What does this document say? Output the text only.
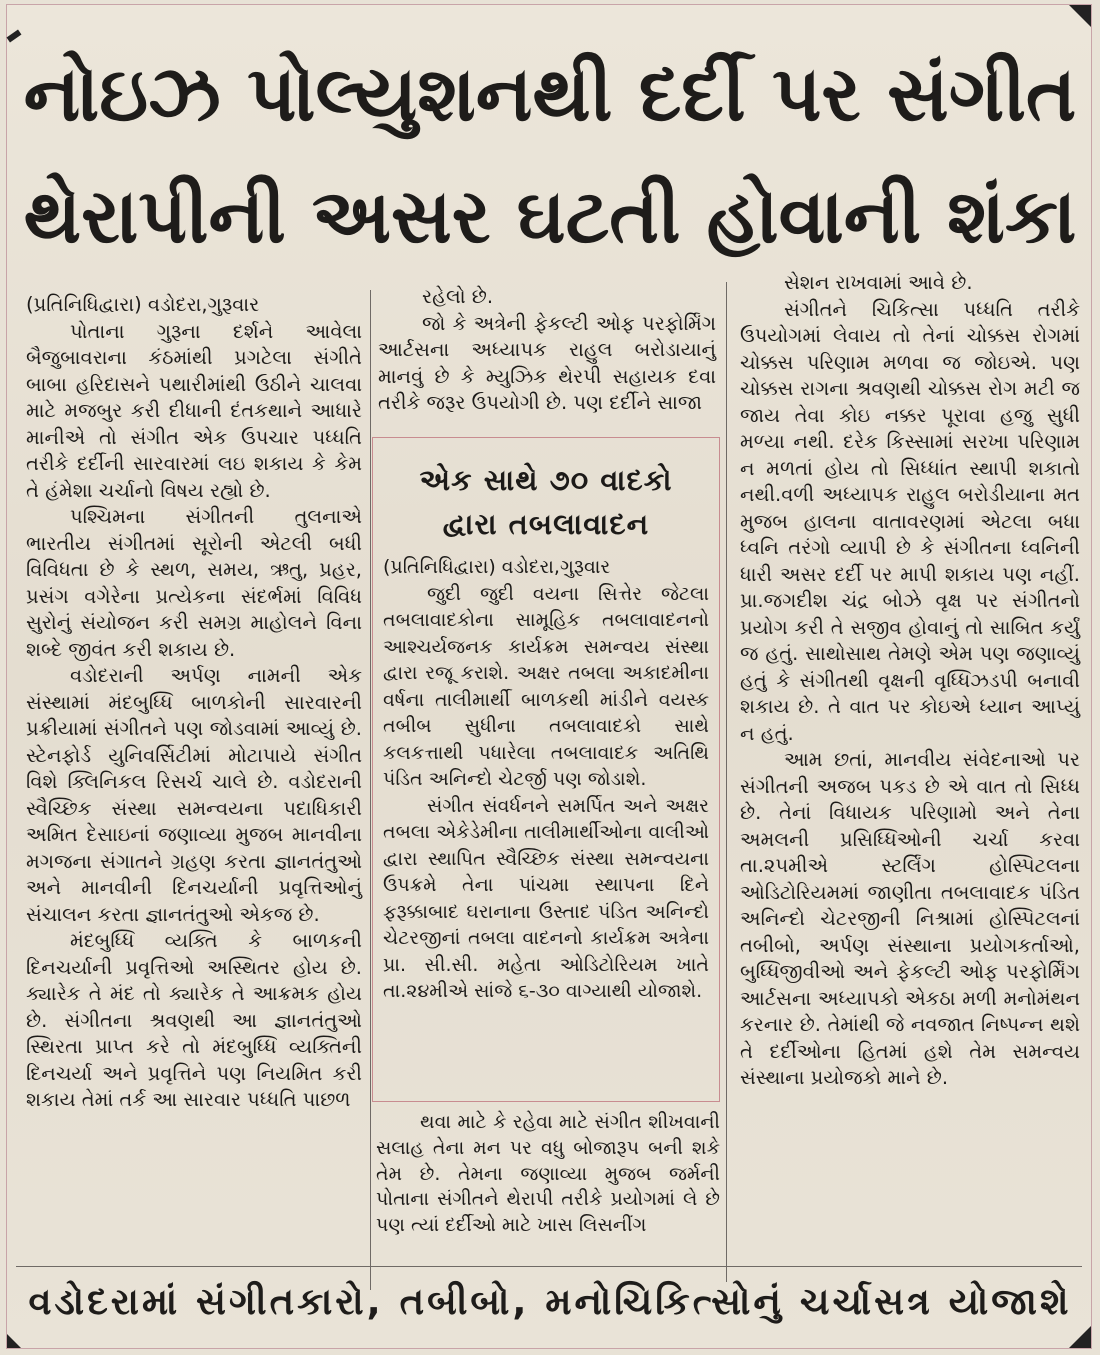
નોઇઝ પોલ્યુશનથી દર્દી પર સંગીત
થેરાપીની અસર ઘટતી હોવાની શંકા

(પ્રતિનિધિદ્વારા) વડોદરા,ગુરૂવાર

પોતાના ગુરૂના દર્શને આવેલા બૈજુબાવરાના કંઠમાંથી પ્રગટેલા સંગીતે બાબા હરિદાસને પથારીમાંથી ઉઠીને ચાલવા માટે મજબુર કરી દીધાની દંતકથાને આધારે માનીએ તો સંગીત એક ઉપચાર પધ્ધતિ તરીકે દર્દીની સારવારમાં લઇ શકાય કે કેમ તે હંમેશા ચર્ચાનો વિષય રહ્યો છે.

પશ્ચિમના સંગીતની તુલનાએ ભારતીય સંગીતમાં સૂરોની એટલી બધી વિવિધતા છે કે સ્થળ, સમય, ઋતુ, પ્રહર, પ્રસંગ વગેરેના પ્રત્યેકના સંદર્ભમાં વિવિધ સુરોનું સંયોજન કરી સમગ્ર માહોલને વિના શબ્દે જીવંત કરી શકાય છે.

વડોદરાની અર્પણ નામની એક સંસ્થામાં મંદબુધ્ધિ બાળકોની સારવારની પ્રક્રીયામાં સંગીતને પણ જોડવામાં આવ્યું છે. સ્ટેનફોર્ડ યુનિવર્સિટીમાં મોટાપાયે સંગીત વિશે ક્લિનિકલ રિસર્ચ ચાલે છે. વડોદરાની સ્વૈચ્છિક સંસ્થા સમન્વયના પદાધિકારી અમિત દેસાઇનાં જણાવ્યા મુજબ માનવીના મગજના સંગાતને ગ્રહણ કરતા જ્ઞાનતંતુઓ અને માનવીની દિનચર્યાની પ્રવૃત્તિઓનું સંચાલન કરતા જ્ઞાનતંતુઓ એકજ છે.

મંદબુધ્ધિ વ્યક્તિ કે બાળકની દિનચર્યાની પ્રવૃત્તિઓ અસ્થિતર હોય છે. ક્યારેક તે મંદ તો ક્યારેક તે આક્રમક હોય છે. સંગીતના શ્રવણથી આ જ્ઞાનતંતુઓ સ્થિરતા પ્રાપ્ત કરે તો મંદબુધ્ધિ વ્યક્તિની દિનચર્યા અને પ્રવૃત્તિને પણ નિયમિત કરી શકાય તેમાં તર્ક આ સારવાર પધ્ધતિ પાછળ

રહેલો છે.

જો કે અત્રેની ફેકલ્ટી ઓફ પરફોર્મિંગ આર્ટસના અધ્યાપક રાહુલ બરોડાયાનું માનવું છે કે મ્યુઝિક થેરપી સહાયક દવા તરીકે જરૂર ઉપયોગી છે. પણ દર્દીને સાજા

એક સાથે ૭૦ વાદકો
દ્વારા તબલાવાદન

(પ્રતિનિધિદ્વારા) વડોદરા,ગુરૂવાર

જુદી જુદી વયના સિત્તેર જેટલા તબલાવાદકોના સામૂહિક તબલાવાદનનો આશ્ચર્યજનક કાર્યક્રમ સમન્વય સંસ્થા દ્વારા રજૂ કરાશે. અક્ષર તબલા અકાદમીના વર્ષના તાલીમાર્થી બાળકથી માંડીને વયસ્ક તબીબ સુધીના તબલાવાદકો સાથે કલકત્તાથી પધારેલા તબલાવાદક અતિથિ પંડિત અનિન્દો ચેટર્જી પણ જોડાશે.

સંગીત સંવર્ધનને સમર્પિત અને અક્ષર તબલા એકેડેમીના તાલીમાર્થીઓના વાલીઓ દ્વારા સ્થાપિત સ્વૈચ્છિક સંસ્થા સમન્વયના ઉપક્રમે તેના પાંચમા સ્થાપના દિને ફરૂક્કાબાદ ઘરાનાના ઉસ્તાદ પંડિત અનિન્દો ચેટરજીનાં તબલા વાદનનો કાર્યક્રમ અત્રેના પ્રા. સી.સી. મહેતા ઓડિટોરિયમ ખાતે તા.૨૪મીએ સાંજે ૬-૩૦ વાગ્યાથી યોજાશે.

થવા માટે કે રહેવા માટે સંગીત શીખવાની સલાહ તેના મન પર વધુ બોજારૂપ બની શકે તેમ છે. તેમના જણાવ્યા મુજબ જર્મની પોતાના સંગીતને થેરાપી તરીકે પ્રયોગમાં લે છે પણ ત્યાં દર્દીઓ માટે ખાસ લિસનીંગ

સેશન રાખવામાં આવે છે.

સંગીતને ચિકિત્સા પધ્ધતિ તરીકે ઉપયોગમાં લેવાય તો તેનાં ચોક્કસ રોગમાં ચોક્કસ પરિણામ મળવા જ જોઇએ. પણ ચોક્કસ રાગના શ્રવણથી ચોક્કસ રોગ મટી જ જાય તેવા કોઇ નક્કર પૂરાવા હજુ સુધી મળ્યા નથી. દરેક કિસ્સામાં સરખા પરિણામ ન મળતાં હોય તો સિધ્ધાંત સ્થાપી શકાતો નથી.વળી અધ્યાપક રાહુલ બરોડીયાના મત મુજબ હાલના વાતાવરણમાં એટલા બધા ધ્વનિ તરંગો વ્યાપી છે કે સંગીતના ધ્વનિની ધારી અસર દર્દી પર માપી શકાય પણ નહીં. પ્રા.જગદીશ ચંદ્ર બોઝે વૃક્ષ પર સંગીતનો પ્રયોગ કરી તે સજીવ હોવાનું તો સાબિત કર્યું જ હતું. સાથોસાથ તેમણે એમ પણ જણાવ્યું હતું કે સંગીતથી વૃક્ષની વૃધ્ધિઝડપી બનાવી શકાય છે. તે વાત પર કોઇએ ધ્યાન આપ્યું ન હતું.

આમ છતાં, માનવીય સંવેદનાઓ પર સંગીતની અજબ પકડ છે એ વાત તો સિધ્ધ છે. તેનાં વિધાયક પરિણામો અને તેના અમલની પ્રસિધ્ધિઓની ચર્ચા કરવા તા.૨૫મીએ સ્ટર્લિંગ હોસ્પિટલના ઓડિટોરિયમમાં જાણીતા તબલાવાદક પંડિત અનિન્દો ચેટરજીની નિશ્રામાં હોસ્પિટલનાં તબીબો, અર્પણ સંસ્થાના પ્રયોગકર્તાઓ, બુધ્ધિજીવીઓ અને ફેકલ્ટી ઓફ પરફોર્મિંગ આર્ટસના અધ્યાપકો એકઠા મળી મનોમંથન કરનાર છે. તેમાંથી જે નવજાત નિષ્પન્ન થશે તે દર્દીઓના હિતમાં હશે તેમ સમન્વય સંસ્થાના પ્રયોજકો માને છે.

વડોદરામાં સંગીતકારો, તબીબો, મનોચિકિત્સોનું ચર્ચાસત્ર યોજાશે
